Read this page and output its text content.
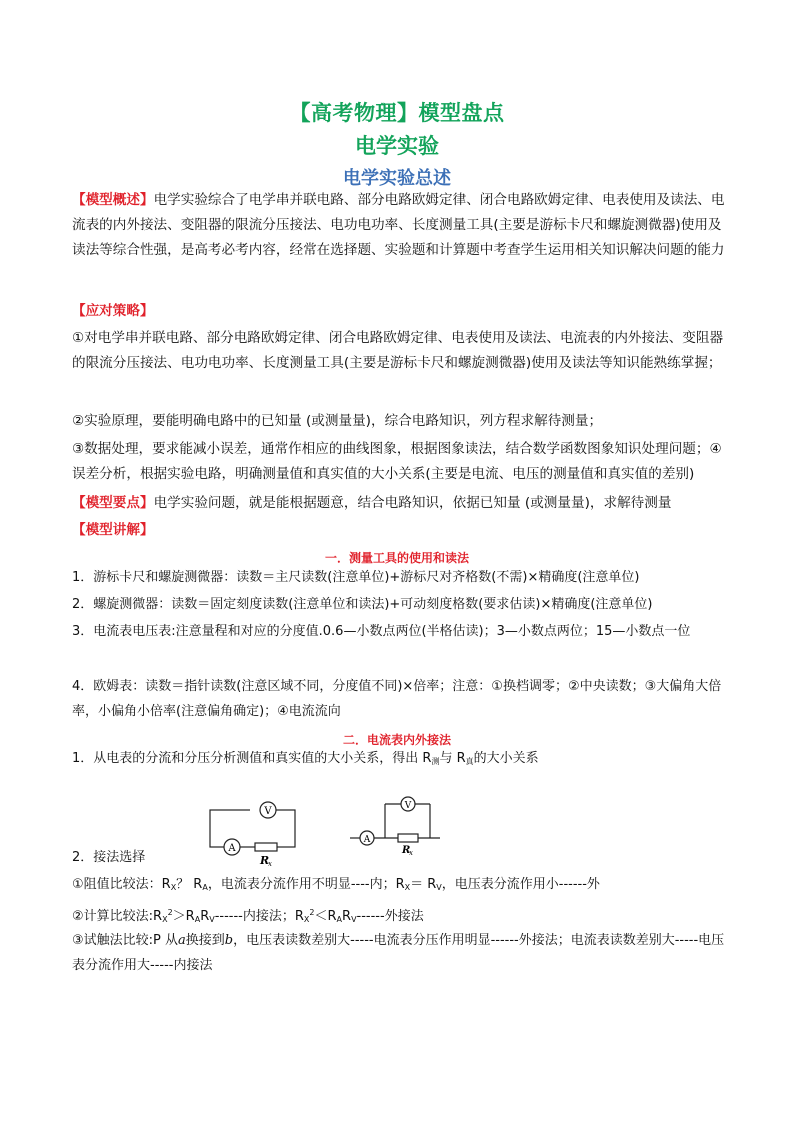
【高考物理】模型盘点
电学实验
电学实验总述

【模型概述】电学实验综合了电学串并联电路、部分电路欧姆定律、闭合电路欧姆定律、电表使用及读法、电流表的内外接法、变阻器的限流分压接法、电功电功率、长度测量工具(主要是游标卡尺和螺旋测微器)使用及读法等综合性强，是高考必考内容，经常在选择题、实验题和计算题中考查学生运用相关知识解决问题的能力

【应对策略】

①对电学串并联电路、部分电路欧姆定律、闭合电路欧姆定律、电表使用及读法、电流表的内外接法、变阻器的限流分压接法、电功电功率、长度测量工具(主要是游标卡尺和螺旋测微器)使用及读法等知识能熟练掌握；

②实验原理，要能明确电路中的已知量 (或测量量)，综合电路知识，列方程求解待测量；

③数据处理，要求能减小误差，通常作相应的曲线图象，根据图象读法，结合数学函数图象知识处理问题；④误差分析，根据实验电路，明确测量值和真实值的大小关系(主要是电流、电压的测量值和真实值的差别)

【模型要点】电学实验问题，就是能根据题意，结合电路知识，依据已知量 (或测量量)，求解待测量

【模型讲解】

一．测量工具的使用和读法

1．游标卡尺和螺旋测微器：读数＝主尺读数(注意单位)+游标尺对齐格数(不需)×精确度(注意单位)

2．螺旋测微器：读数＝固定刻度读数(注意单位和读法)+可动刻度格数(要求估读)×精确度(注意单位)

3．电流表电压表:注意量程和对应的分度值.0.6—小数点两位(半格估读)；3—小数点两位；15—小数点一位

4．欧姆表：读数＝指针读数(注意区域不同，分度值不同)×倍率；注意：①换档调零；②中央读数；③大偏角大倍率，小偏角小倍率(注意偏角确定)；④电流流向

二．电流表内外接法

1．从电表的分流和分压分析测值和真实值的大小关系，得出 $R_测$与 $R_真$的大小关系

V
A
R
x
A
V
R
x

2．接法选择

①阻值比较法：$R_X$？ $R_A$，电流表分流作用不明显----内；$R_X= R_V$，电压表分流作用小------外

②计算比较法$:R_X^2>R_AR_V------$内接法；$R_X^2<R_AR_V------$外接法

③试触法比较:P 从a换接到b，电压表读数差别大-----电流表分压作用明显------外接法；电流表读数差别大-----电压表分流作用大-----内接法
